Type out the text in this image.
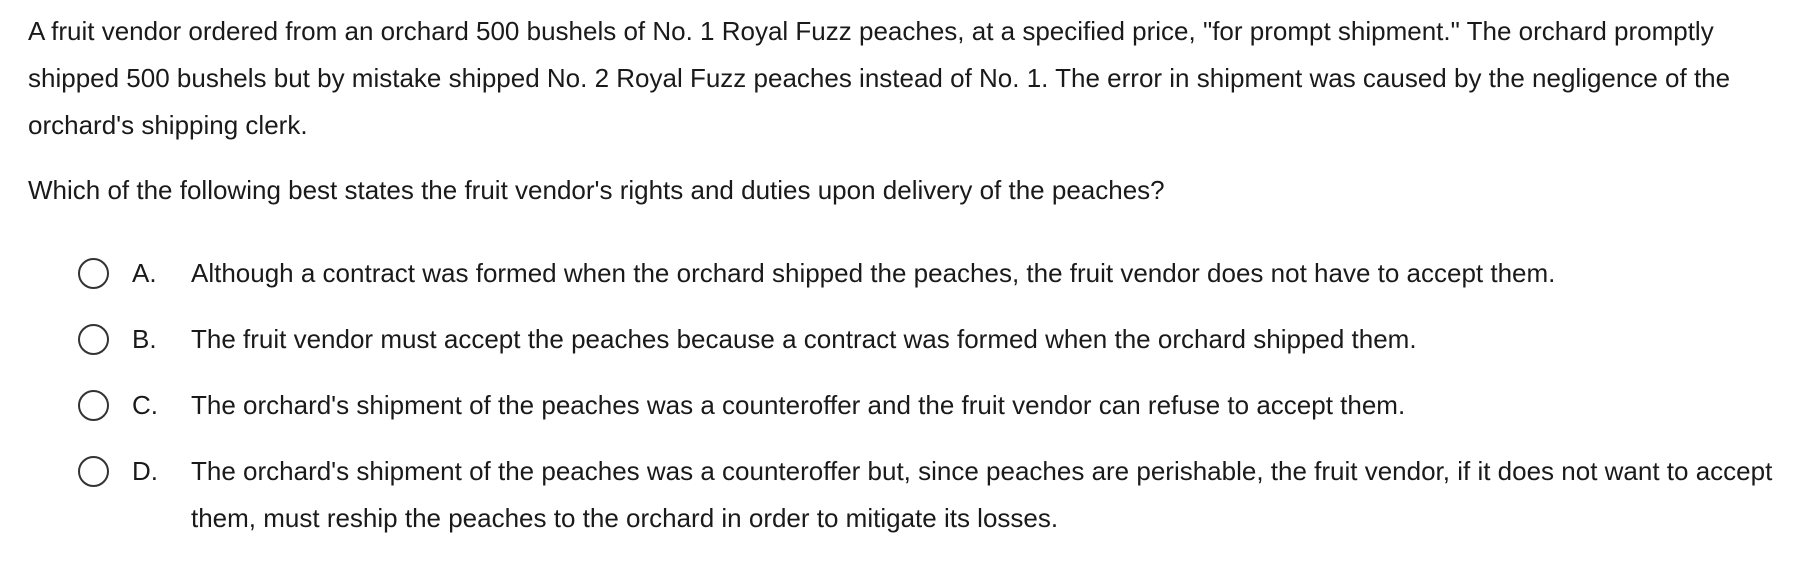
A fruit vendor ordered from an orchard 500 bushels of No. 1 Royal Fuzz peaches, at a specified price, "for prompt shipment." The orchard promptly shipped 500 bushels but by mistake shipped No. 2 Royal Fuzz peaches instead of No. 1. The error in shipment was caused by the negligence of the orchard's shipping clerk.

Which of the following best states the fruit vendor's rights and duties upon delivery of the peaches?

A.	Although a contract was formed when the orchard shipped the peaches, the fruit vendor does not have to accept them.
B.	The fruit vendor must accept the peaches because a contract was formed when the orchard shipped them.
C.	The orchard's shipment of the peaches was a counteroffer and the fruit vendor can refuse to accept them.
D.	The orchard's shipment of the peaches was a counteroffer but, since peaches are perishable, the fruit vendor, if it does not want to accept them, must reship the peaches to the orchard in order to mitigate its losses.
